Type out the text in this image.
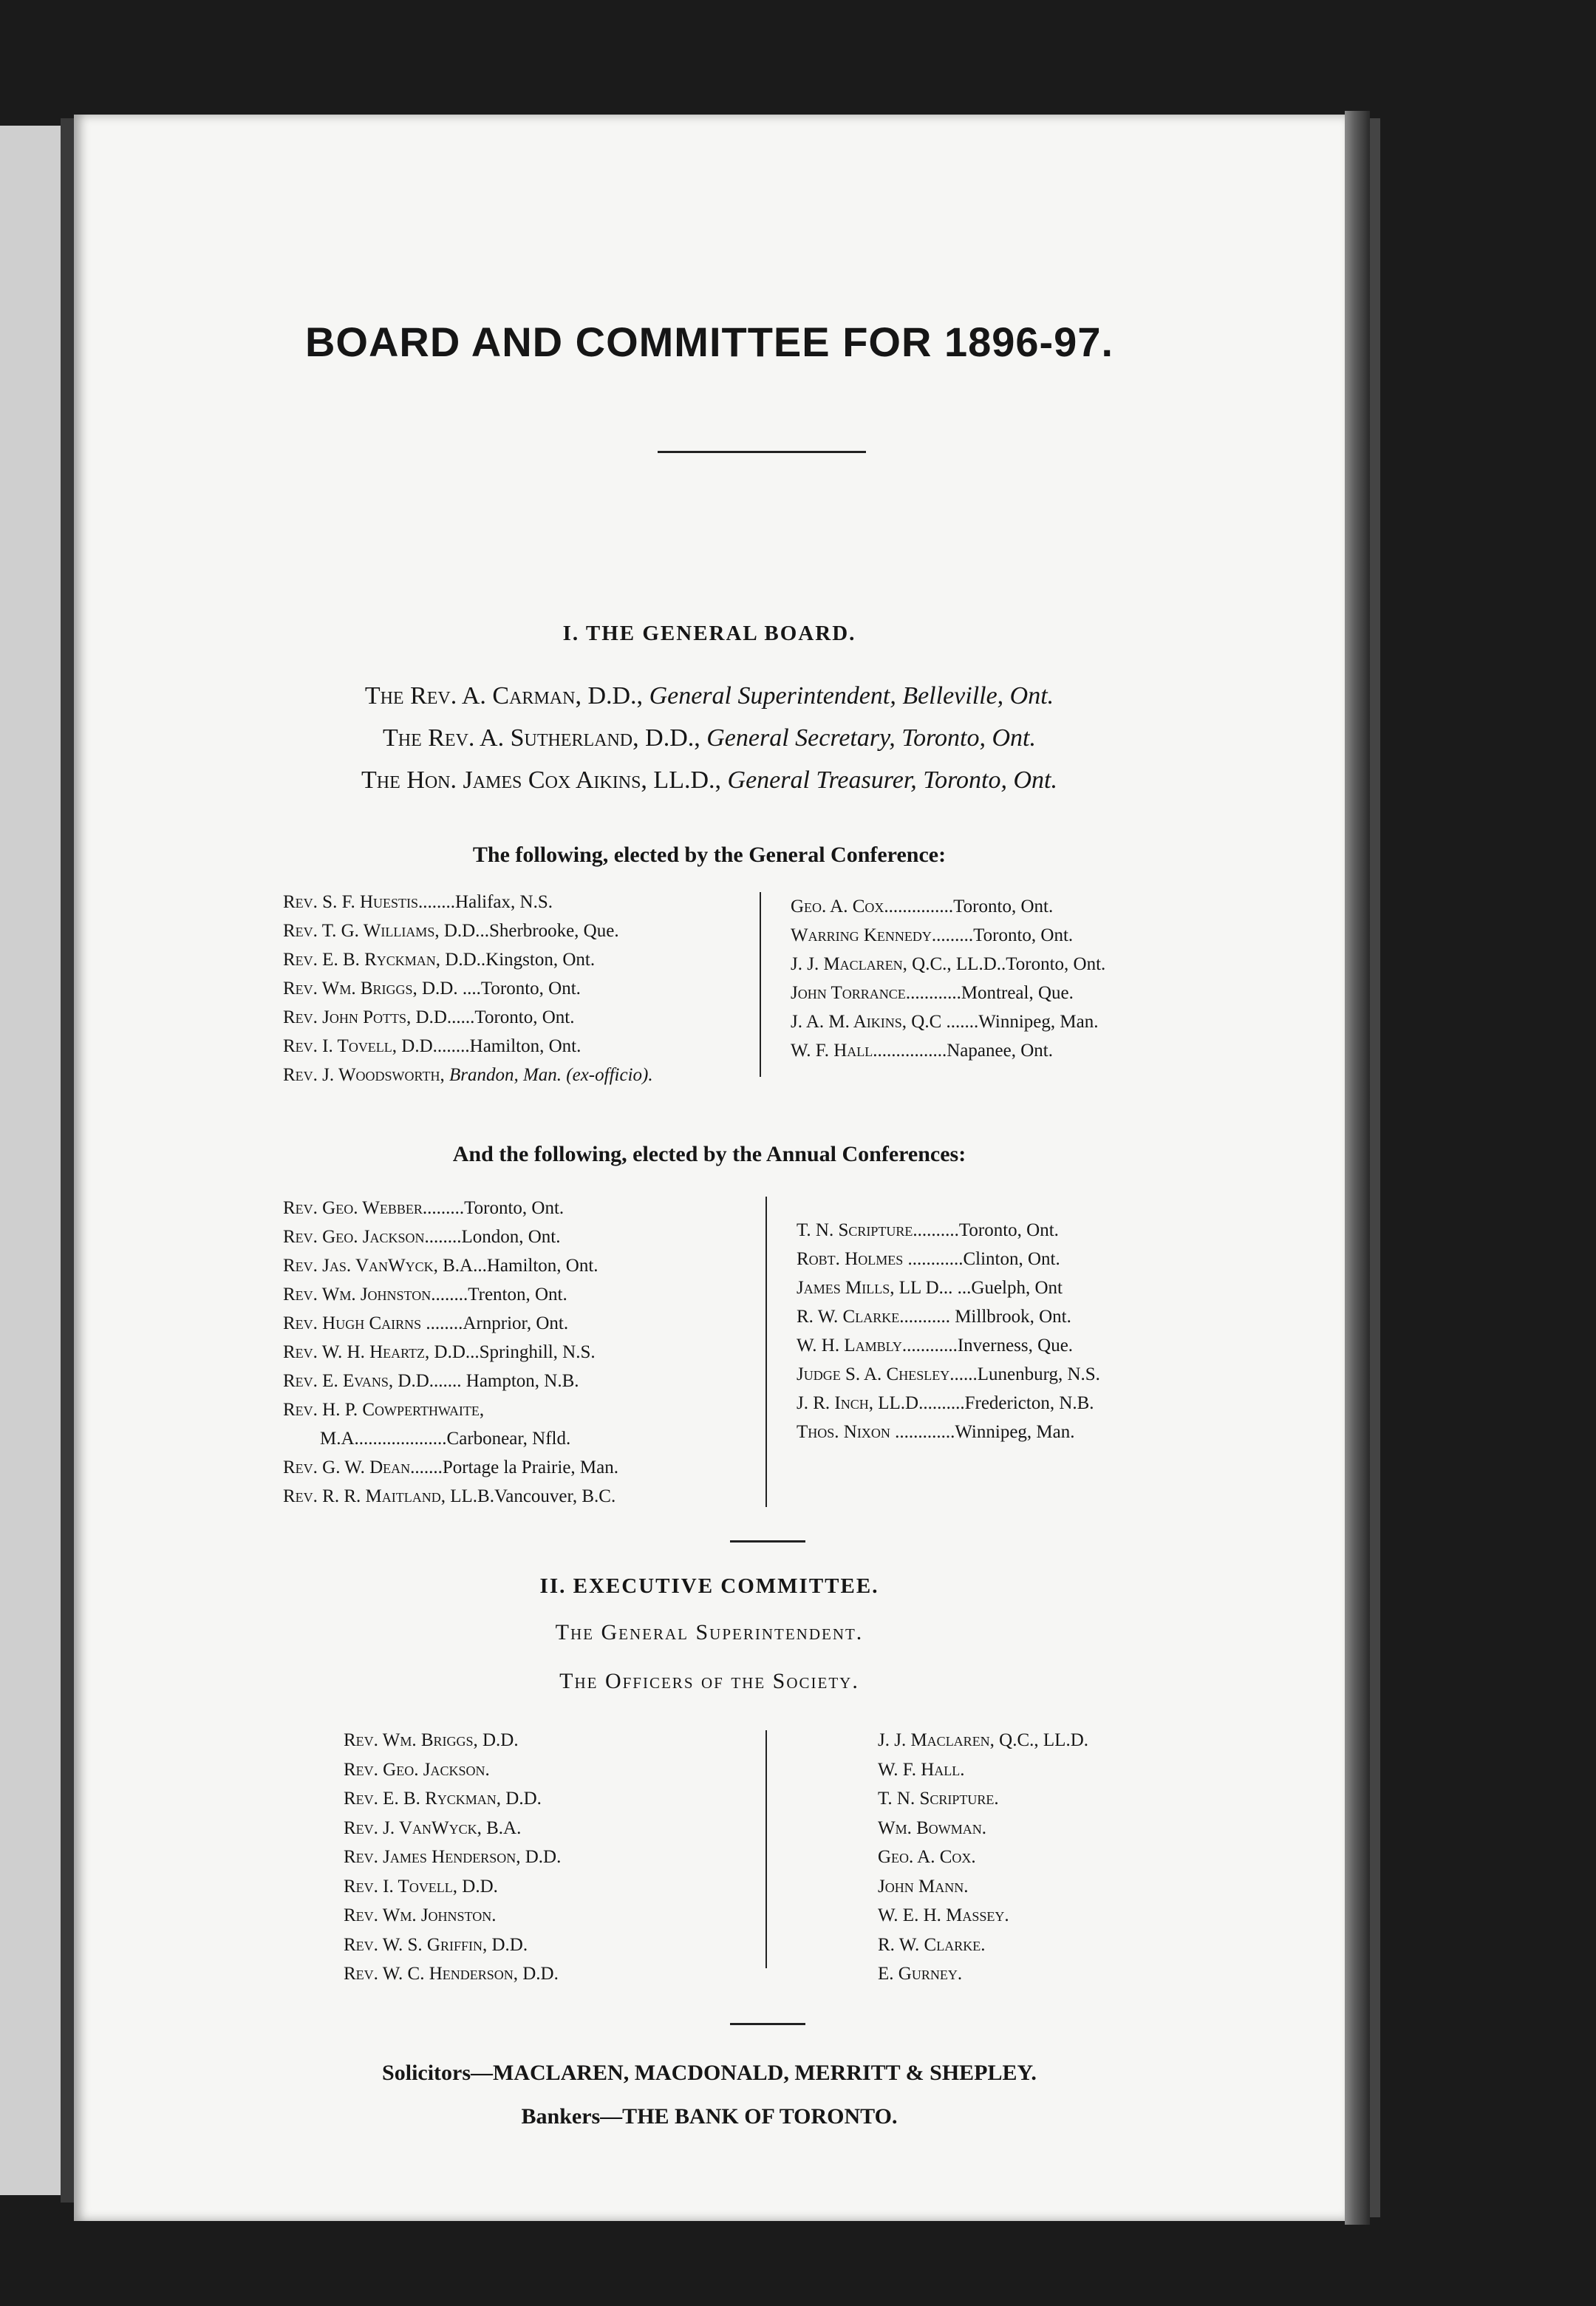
BOARD AND COMMITTEE FOR 1896-97.
I. THE GENERAL BOARD.
The Rev. A. Carman, D.D., General Superintendent, Belleville, Ont.
The Rev. A. Sutherland, D.D., General Secretary, Toronto, Ont.
The Hon. James Cox Aikins, LL.D., General Treasurer, Toronto, Ont.
The following, elected by the General Conference:
Rev. S. F. Huestis........Halifax, N.S.
Rev. T. G. Williams, D.D...Sherbrooke, Que.
Rev. E. B. Ryckman, D.D..Kingston, Ont.
Rev. Wm. Briggs, D.D. ....Toronto, Ont.
Rev. John Potts, D.D......Toronto, Ont.
Rev. I. Tovell, D.D........Hamilton, Ont.
Rev. J. Woodsworth, Brandon, Man. (ex-officio).
Geo. A. Cox...............Toronto, Ont.
Warring Kennedy.........Toronto, Ont.
J. J. Maclaren, Q.C., LL.D..Toronto, Ont.
John Torrance............Montreal, Que.
J. A. M. Aikins, Q.C .......Winnipeg, Man.
W. F. Hall................Napanee, Ont.
And the following, elected by the Annual Conferences:
Rev. Geo. Webber.........Toronto, Ont.
Rev. Geo. Jackson........London, Ont.
Rev. Jas. VanWyck, B.A...Hamilton, Ont.
Rev. Wm. Johnston........Trenton, Ont.
Rev. Hugh Cairns ........Arnprior, Ont.
Rev. W. H. Heartz, D.D...Springhill, N.S.
Rev. E. Evans, D.D....... Hampton, N.B.
Rev. H. P. Cowperthwaite,
M.A....................Carbonear, Nfld.
Rev. G. W. Dean.......Portage la Prairie, Man.
Rev. R. R. Maitland, LL.B.Vancouver, B.C.
T. N. Scripture..........Toronto, Ont.
Robt. Holmes ............Clinton, Ont.
James Mills, LL D... ...Guelph, Ont
R. W. Clarke........... Millbrook, Ont.
W. H. Lambly............Inverness, Que.
Judge S. A. Chesley......Lunenburg, N.S.
J. R. Inch, LL.D..........Fredericton, N.B.
Thos. Nixon .............Winnipeg, Man.
II. EXECUTIVE COMMITTEE.
The General Superintendent.
The Officers of the Society.
Rev. Wm. Briggs, D.D.
Rev. Geo. Jackson.
Rev. E. B. Ryckman, D.D.
Rev. J. VanWyck, B.A.
Rev. James Henderson, D.D.
Rev. I. Tovell, D.D.
Rev. Wm. Johnston.
Rev. W. S. Griffin, D.D.
Rev. W. C. Henderson, D.D.
J. J. Maclaren, Q.C., LL.D.
W. F. Hall.
T. N. Scripture.
Wm. Bowman.
Geo. A. Cox.
John Mann.
W. E. H. Massey.
R. W. Clarke.
E. Gurney.
Solicitors—MACLAREN, MACDONALD, MERRITT & SHEPLEY.
Bankers—THE BANK OF TORONTO.
